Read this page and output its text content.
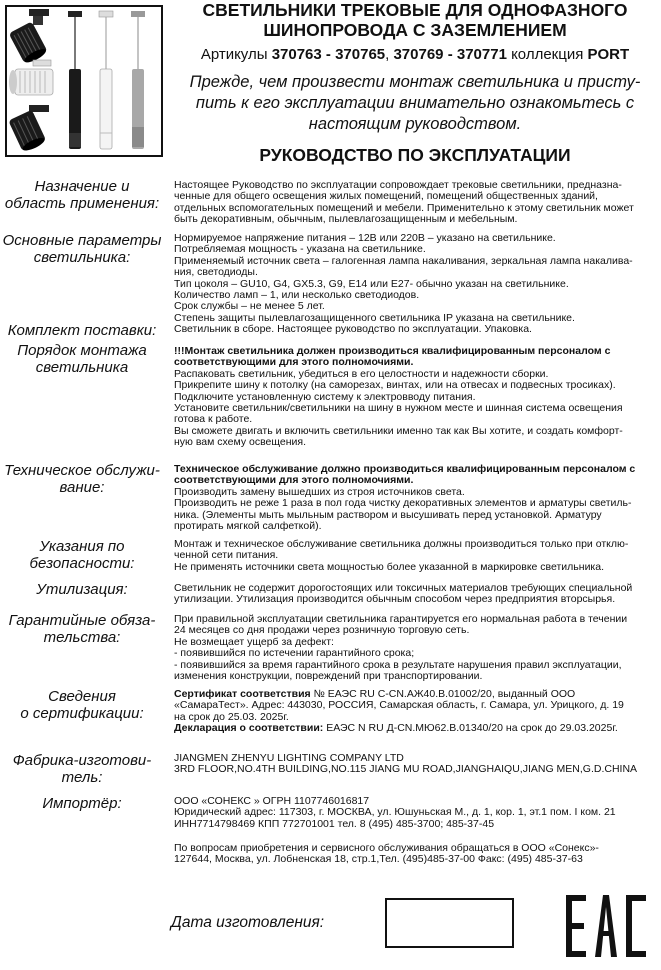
СВЕТИЛЬНИКИ ТРЕКОВЫЕ ДЛЯ ОДНОФАЗНОГО
ШИНОПРОВОДА С ЗАЗЕМЛЕНИЕМ
Артикулы 370763 - 370765, 370769 - 370771 коллекция PORT
Прежде, чем произвести монтаж светильника и присту-
пить к его эксплуатации внимательно ознакомьтесь с
настоящим руководством.
РУКОВОДСТВО ПО ЭКСПЛУАТАЦИИ
Назначение и
область применения:

Настоящее Руководство по эксплуатации сопровождает трековые светильники, предназна-

ченные для общего освещения жилых помещений, помещений общественных зданий,

отдельных вспомогательных помещений и мебели. Применительно к этому светильник может

быть декоративным, обычным, пылевлагозащищенным и мебельным.

Основные параметры
светильника:

Нормируемое напряжение питания – 12В или 220В – указано на светильнике.

Потребляемая мощность - указана на светильнике.

Применяемый источник света – галогенная лампа накаливания, зеркальная лампа накалива-

ния, светодиоды.

Тип цоколя – GU10, G4, GX5.3, G9, E14 или E27- обычно указан на светильнике.

Количество ламп – 1, или несколько светодиодов.

Срок службы – не менее 5 лет.

Степень защиты пылевлагозащищенного светильника IP указана на светильнике.

Комплект поставки:	Светильник в сборе. Настоящее руководство по эксплуатации. Упаковка.

Порядок монтажа
светильника

!!!Монтаж светильника должен производиться квалифицированным персоналом с

соответствующими для этого полномочиями.

Распаковать светильник, убедиться в его целостности и надежности сборки.

Прикрепите шину к потолку (на саморезах, винтах, или на отвесах и подвесных тросиках).

Подключите установленную систему к электровводу питания.

Установите светильник/светильники на шину в нужном месте и шинная система освещения

готова к работе.

Вы сможете двигать и включить светильники именно так как Вы хотите, и создать комфорт-

ную вам схему освещения.

Техническое обслужи-
вание:

Техническое обслуживание должно производиться квалифицированным персоналом с

соответствующими для этого полномочиями.

Производить замену вышедших из строя источников света.

Производить не реже 1 раза в пол года чистку декоративных элементов и арматуры светиль-

ника. (Элементы мыть мыльным раствором и высушивать перед установкой. Арматуру

протирать мягкой салфеткой).

Указания по
безопасности:

Монтаж и техническое обслуживание светильника должны производиться только при отклю-

ченной сети питания.

Не применять источники света мощностью более указанной в маркировке светильника.

Утилизация:	Светильник не содержит дорогостоящих или токсичных материалов требующих специальной

утилизации. Утилизация производится обычным способом через предприятия вторсырья.

Гарантийные обяза-
тельства:

При правильной эксплуатации светильника гарантируется его нормальная работа в течении

24 месяцев со дня продажи через розничную торговую сеть.

Не возмещает ущерб за дефект:

- появившийся по истечении гарантийного срока;

- появившийся за время гарантийного срока в результате нарушения правил эксплуатации,

изменения конструкции, повреждений при транспортировании.

Сведения
о сертификации:

Сертификат соответствия № ЕАЭС RU C-CN.АЖ40.В.01002/20, выданный ООО

«СамараТест». Адрес: 443030, РОССИЯ, Самарская область, г. Самара, ул. Урицкого, д. 19

на срок до 25.03. 2025г.

Декларация о соответствии: ЕАЭС N RU Д-CN.МЮ62.В.01340/20 на срок до 29.03.2025г.

Фабрика-изготови-
тель:

JIANGMEN ZHENYU LIGHTING COMPANY LTD

3RD FLOOR,NO.4TH BUILDING,NO.115 JIANG MU ROAD,JIANGHAIQU,JIANG MEN,G.D.CHINA

Импортёр:	ООО «СОНЕКС » ОГРН 1107746016817

Юридический адрес: 117303, г. МОСКВА, ул. Юшуньская М., д. 1, кор. 1, эт.1 пом. I ком. 21

ИНН7714798469 КПП 772701001 тел. 8 (495) 485-3700; 485-37-45

По вопросам приобретения и сервисного обслуживания обращаться в ООО «Сонекс»-

127644, Москва, ул. Лобненская 18, стр.1,Тел. (495)485-37-00 Факс: (495) 485-37-63

Дата изготовления:
